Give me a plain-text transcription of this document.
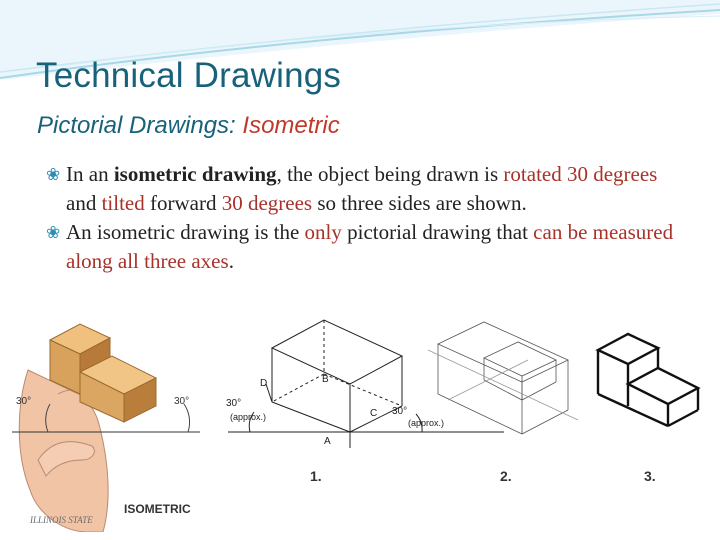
Technical Drawings
Pictorial Drawings: Isometric
❀ In an isometric drawing, the object being drawn is rotated 30 degrees and tilted forward 30 degrees so three sides are shown.
❀ An isometric drawing is the only pictorial drawing that can be measured along all three axes.
30°	30°
D	B
C
A
30°
(approx.)	30°
(approx.)
1.	2.	3.
ISOMETRIC
ILLINOIS STATE
